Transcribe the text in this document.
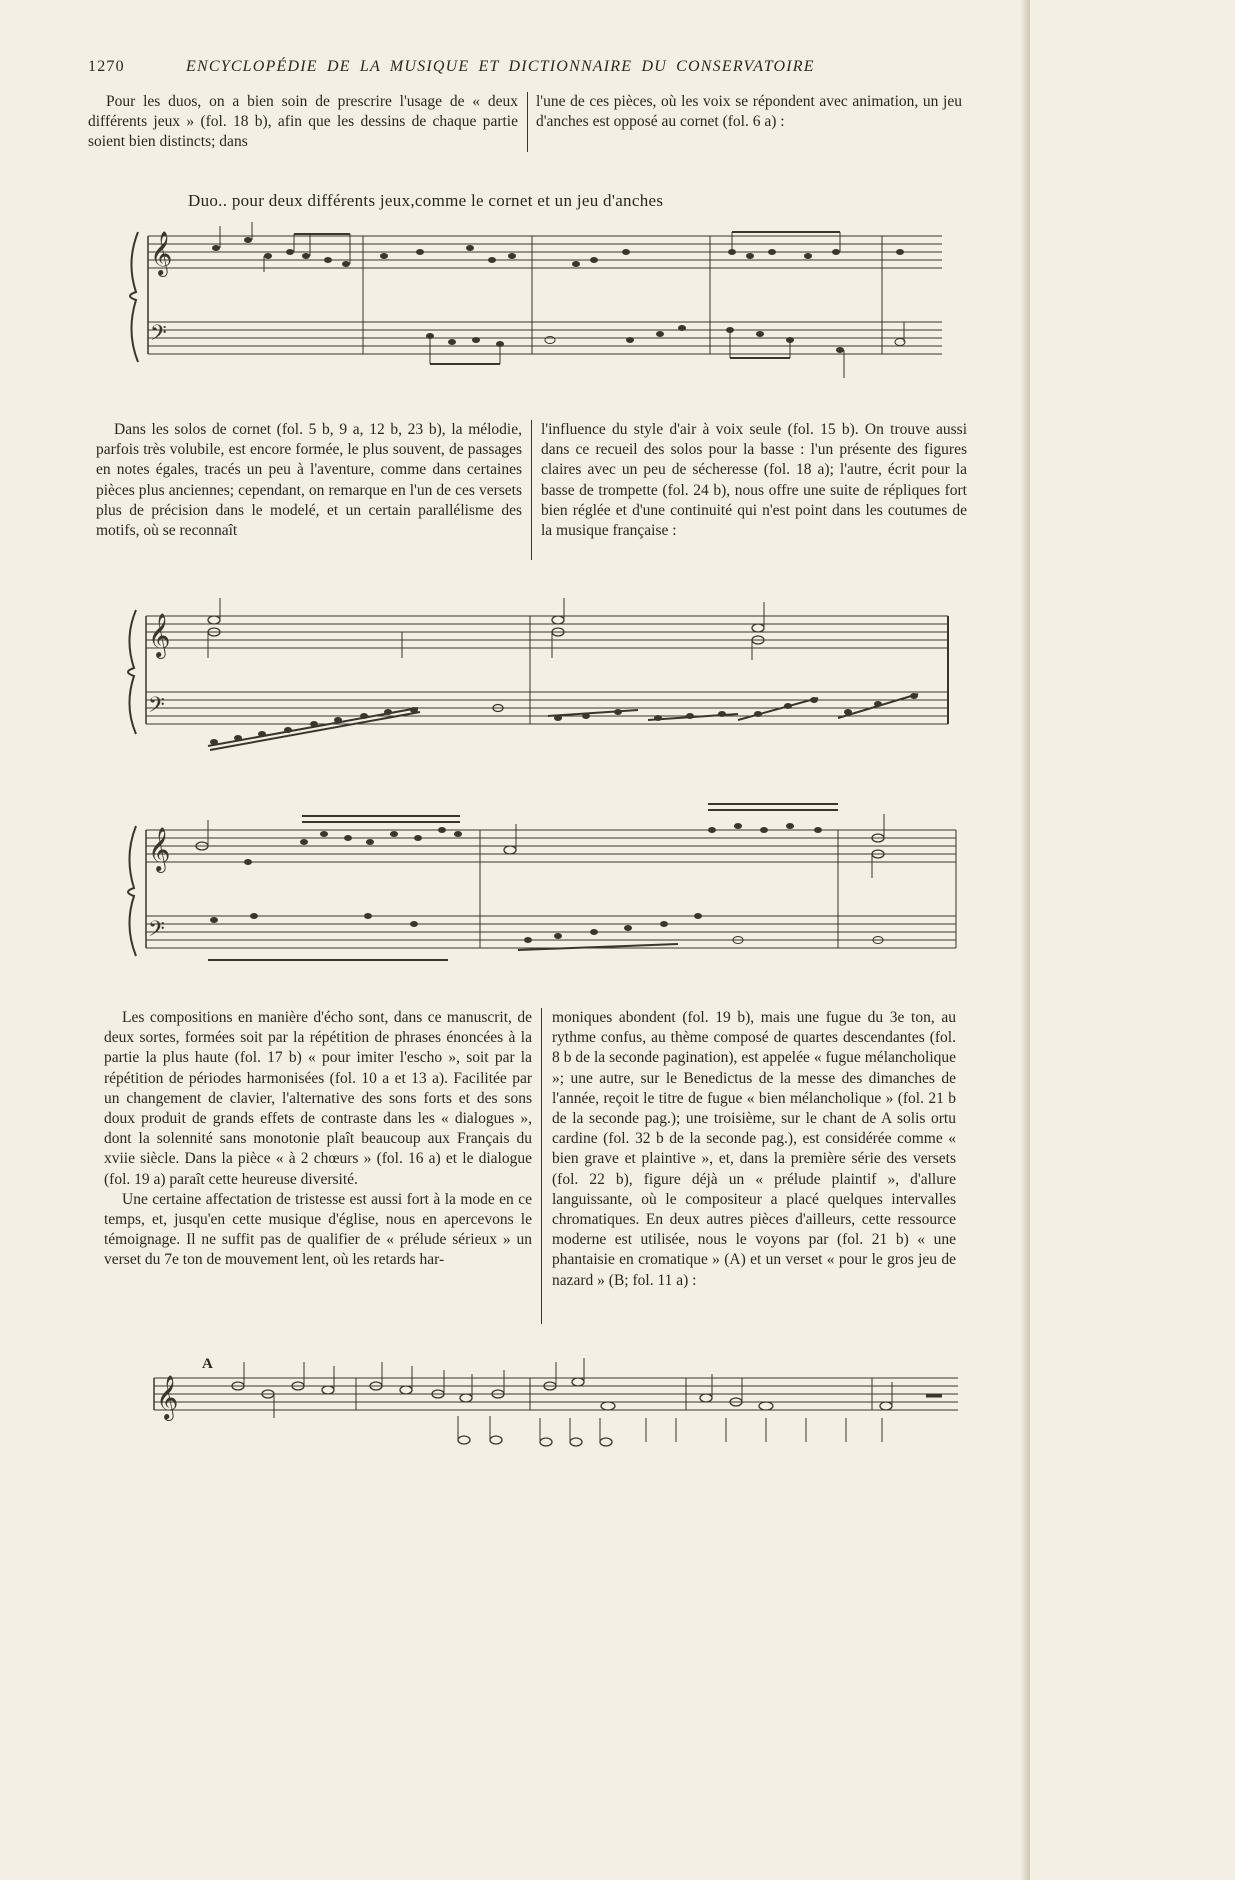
1270	ENCYCLOPÉDIE DE LA MUSIQUE ET DICTIONNAIRE DU CONSERVATOIRE

Pour les duos, on a bien soin de prescrire l'usage de « deux différents jeux » (fol. 18 b), afin que les dessins de chaque partie soient bien distincts; dans

l'une de ces pièces, où les voix se répondent avec animation, un jeu d'anches est opposé au cornet (fol. 6 a) :

Duo.. pour deux différents jeux,comme le cornet et un jeu d'anches
𝄞
𝄢

Dans les solos de cornet (fol. 5 b, 9 a, 12 b, 23 b), la mélodie, parfois très volubile, est encore formée, le plus souvent, de passages en notes égales, tracés un peu à l'aventure, comme dans certaines pièces plus anciennes; cependant, on remarque en l'un de ces versets plus de précision dans le modelé, et un certain parallélisme des motifs, où se reconnaît

l'influence du style d'air à voix seule (fol. 15 b). On trouve aussi dans ce recueil des solos pour la basse : l'un présente des figures claires avec un peu de sécheresse (fol. 18 a); l'autre, écrit pour la basse de trompette (fol. 24 b), nous offre une suite de répliques fort bien réglée et d'une continuité qui n'est point dans les coutumes de la musique française :

𝄞
𝄢
𝄞
𝄢

Les compositions en manière d'écho sont, dans ce manuscrit, de deux sortes, formées soit par la répétition de phrases énoncées à la partie la plus haute (fol. 17 b) « pour imiter l'escho », soit par la répétition de périodes harmonisées (fol. 10 a et 13 a). Facilitée par un changement de clavier, l'alternative des sons forts et des sons doux produit de grands effets de contraste dans les « dialogues », dont la solennité sans monotonie plaît beaucoup aux Français du xviie siècle. Dans la pièce « à 2 chœurs » (fol. 16 a) et le dialogue (fol. 19 a) paraît cette heureuse diversité.

Une certaine affectation de tristesse est aussi fort à la mode en ce temps, et, jusqu'en cette musique d'église, nous en apercevons le témoignage. Il ne suffit pas de qualifier de « prélude sérieux » un verset du 7e ton de mouvement lent, où les retards har-

moniques abondent (fol. 19 b), mais une fugue du 3e ton, au rythme confus, au thème composé de quartes descendantes (fol. 8 b de la seconde pagination), est appelée « fugue mélancholique »; une autre, sur le Benedictus de la messe des dimanches de l'année, reçoit le titre de fugue « bien mélancholique » (fol. 21 b de la seconde pag.); une troisième, sur le chant de A solis ortu cardine (fol. 32 b de la seconde pag.), est considérée comme « bien grave et plaintive », et, dans la première série des versets (fol. 22 b), figure déjà un « prélude plaintif », d'allure languissante, où le compositeur a placé quelques intervalles chromatiques. En deux autres pièces d'ailleurs, cette ressource moderne est utilisée, nous le voyons par (fol. 21 b) « une phantaisie en cromatique » (A) et un verset « pour le gros jeu de nazard » (B; fol. 11 a) :

A
𝄞
